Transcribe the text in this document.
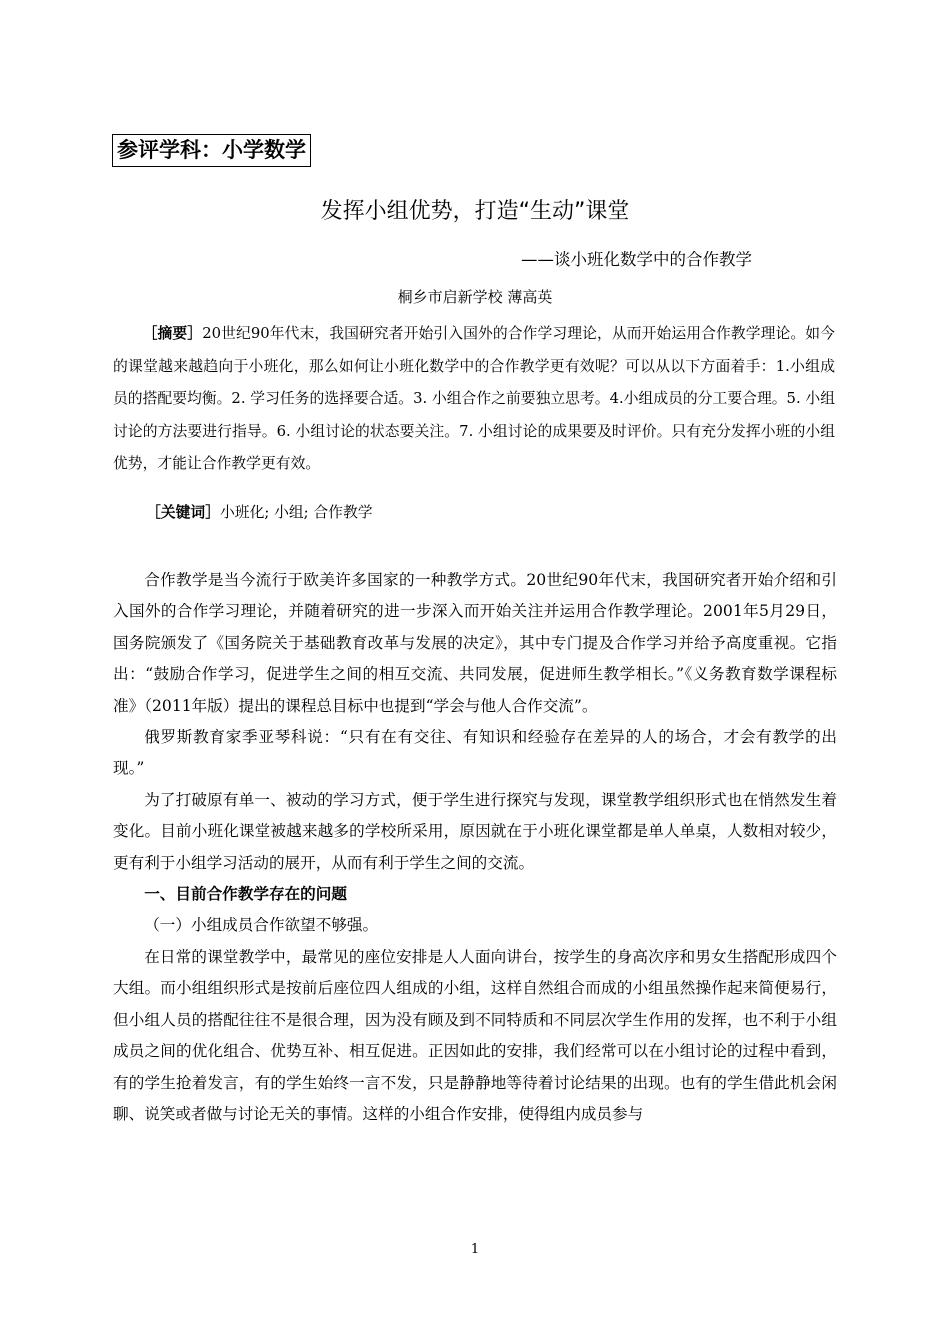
参评学科：小学数学
发挥小组优势，打造“生动”课堂
——谈小班化数学中的合作教学
桐乡市启新学校 薄高英
［摘要］20世纪90年代末，我国研究者开始引入国外的合作学习理论，从而开始运用合作教学理论。如今的课堂越来越趋向于小班化，那么如何让小班化数学中的合作教学更有效呢？可以从以下方面着手：1.小组成员的搭配要均衡。2. 学习任务的选择要合适。3. 小组合作之前要独立思考。4.小组成员的分工要合理。5. 小组讨论的方法要进行指导。6. 小组讨论的状态要关注。7. 小组讨论的成果要及时评价。只有充分发挥小班的小组优势，才能让合作教学更有效。
［关键词］小班化; 小组; 合作教学

合作教学是当今流行于欧美许多国家的一种教学方式。20世纪90年代末，我国研究者开始介绍和引入国外的合作学习理论，并随着研究的进一步深入而开始关注并运用合作教学理论。2001年5月29日，国务院颁发了《国务院关于基础教育改革与发展的决定》，其中专门提及合作学习并给予高度重视。它指出：“鼓励合作学习，促进学生之间的相互交流、共同发展，促进师生教学相长。”《义务教育数学课程标准》（2011年版）提出的课程总目标中也提到“学会与他人合作交流”。

俄罗斯教育家季亚琴科说：“只有在有交往、有知识和经验存在差异的人的场合，才会有教学的出现。”

为了打破原有单一、被动的学习方式，便于学生进行探究与发现，课堂教学组织形式也在悄然发生着变化。目前小班化课堂被越来越多的学校所采用，原因就在于小班化课堂都是单人单桌，人数相对较少，更有利于小组学习活动的展开，从而有利于学生之间的交流。

一、目前合作教学存在的问题

（一）小组成员合作欲望不够强。

在日常的课堂教学中，最常见的座位安排是人人面向讲台，按学生的身高次序和男女生搭配形成四个大组。而小组组织形式是按前后座位四人组成的小组，这样自然组合而成的小组虽然操作起来简便易行，但小组人员的搭配往往不是很合理，因为没有顾及到不同特质和不同层次学生作用的发挥，也不利于小组成员之间的优化组合、优势互补、相互促进。正因如此的安排，我们经常可以在小组讨论的过程中看到，有的学生抢着发言，有的学生始终一言不发，只是静静地等待着讨论结果的出现。也有的学生借此机会闲聊、说笑或者做与讨论无关的事情。这样的小组合作安排，使得组内成员参与

1
